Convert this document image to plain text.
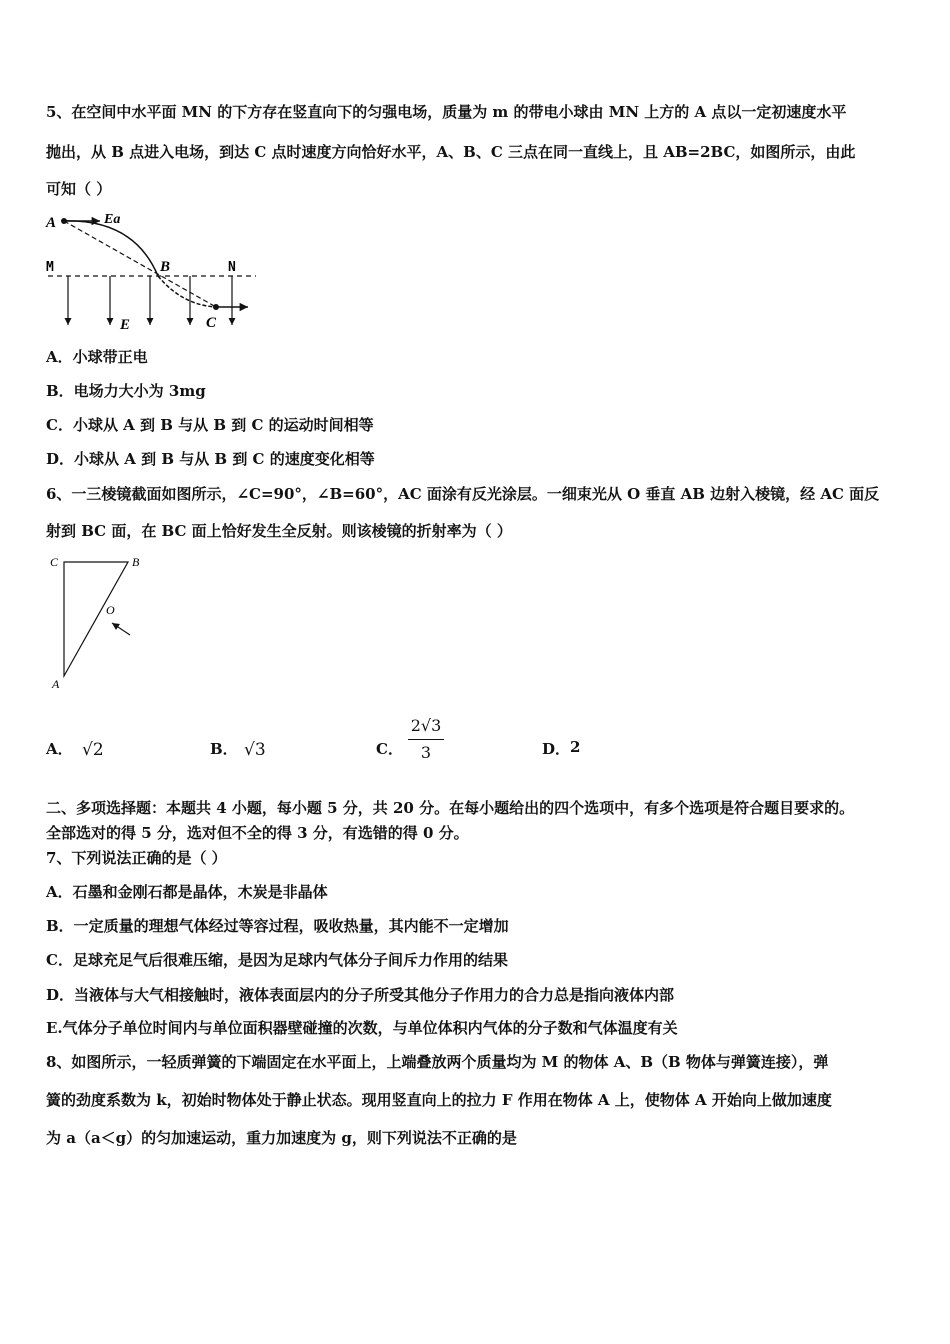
5、在空间中水平面 MN 的下方存在竖直向下的匀强电场，质量为 m 的带电小球由 MN 上方的 A 点以一定初速度水平
抛出，从 B 点进入电场，到达 C 点时速度方向恰好水平，A、B、C 三点在同一直线上，且 AB=2BC，如图所示，由此
可知（ ）
A	Ea
M	B	N
E	C
A．小球带正电
B．电场力大小为 3mg
C．小球从 A 到 B 与从 B 到 C 的运动时间相等
D．小球从 A 到 B 与从 B 到 C 的速度变化相等
6、一三棱镜截面如图所示，∠C=90°，∠B=60°，AC 面涂有反光涂层。一细束光从 O 垂直 AB 边射入棱镜，经 AC 面反
射到 BC 面，在 BC 面上恰好发生全反射。则该棱镜的折射率为（ ）
C	B
O
A
A． √2	B． √3	C．
2√3
3	D． 2
二、多项选择题：本题共 4 小题，每小题 5 分，共 20 分。在每小题给出的四个选项中，有多个选项是符合题目要求的。
全部选对的得 5 分，选对但不全的得 3 分，有选错的得 0 分。
7、下列说法正确的是（ ）
A．石墨和金刚石都是晶体，木炭是非晶体
B．一定质量的理想气体经过等容过程，吸收热量，其内能不一定增加
C．足球充足气后很难压缩，是因为足球内气体分子间斥力作用的结果
D．当液体与大气相接触时，液体表面层内的分子所受其他分子作用力的合力总是指向液体内部
E.气体分子单位时间内与单位面积器壁碰撞的次数，与单位体积内气体的分子数和气体温度有关
8、如图所示，一轻质弹簧的下端固定在水平面上，上端叠放两个质量均为 M 的物体 A、B（B 物体与弹簧连接），弹
簧的劲度系数为 k，初始时物体处于静止状态。现用竖直向上的拉力 F 作用在物体 A 上，使物体 A 开始向上做加速度
为 a（a＜g）的匀加速运动，重力加速度为 g，则下列说法不正确的是
